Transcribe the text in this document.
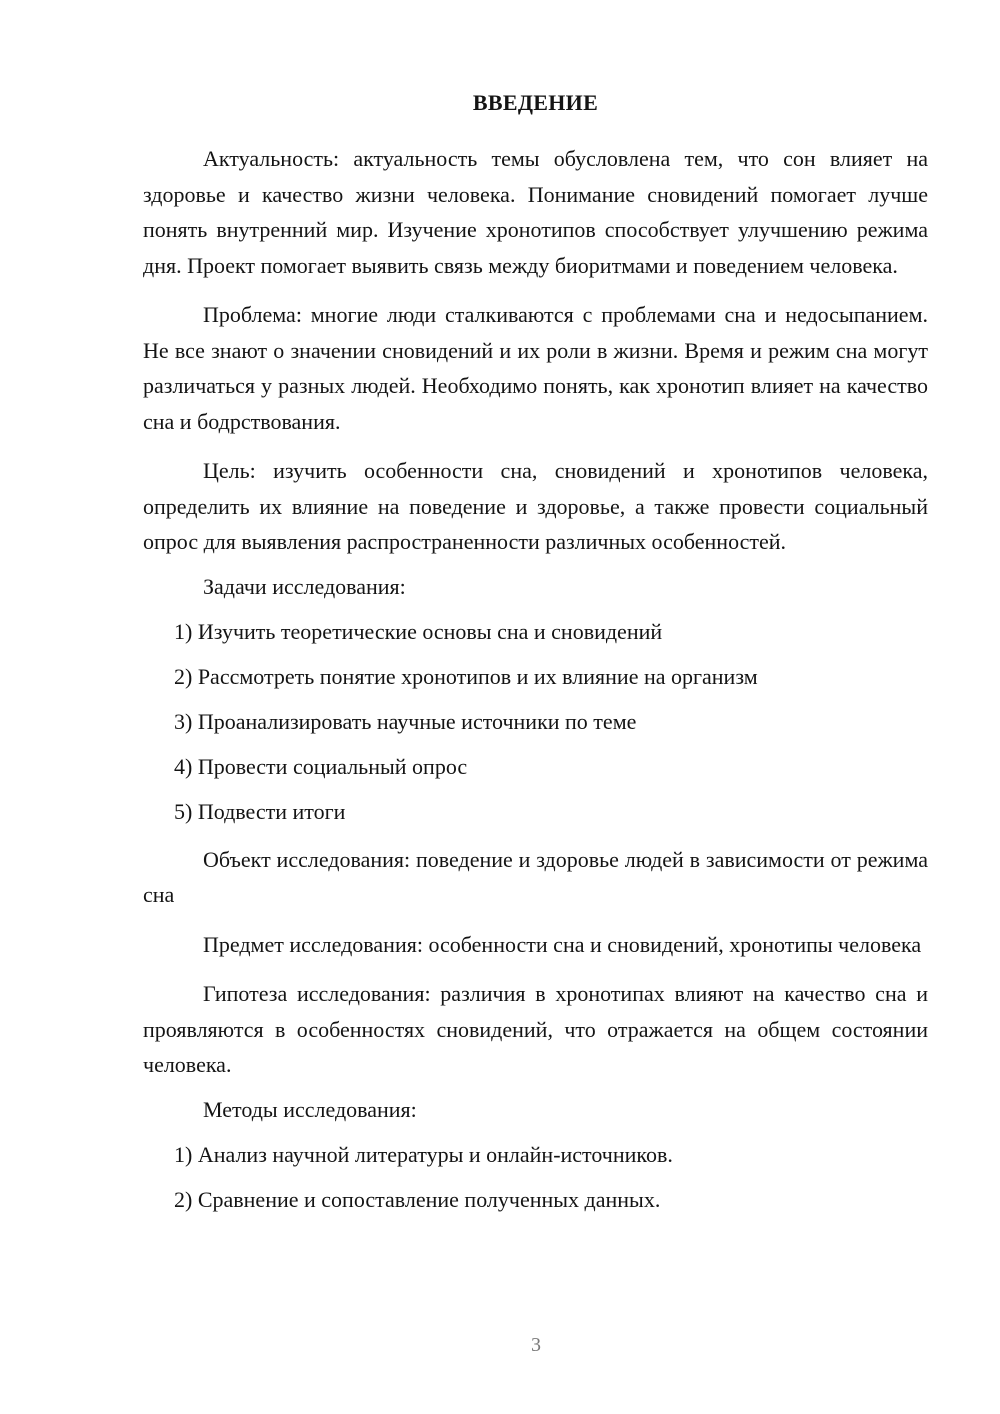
ВВЕДЕНИЕ

Актуальность: актуальность темы обусловлена тем, что сон влияет на здоровье и качество жизни человека. Понимание сновидений помогает лучше понять внутренний мир. Изучение хронотипов способствует улучшению режима дня. Проект помогает выявить связь между биоритмами и поведением человека.

Проблема: многие люди сталкиваются с проблемами сна и недосыпанием. Не все знают о значении сновидений и их роли в жизни. Время и режим сна могут различаться у разных людей. Необходимо понять, как хронотип влияет на качество сна и бодрствования.

Цель: изучить особенности сна, сновидений и хронотипов человека, определить их влияние на поведение и здоровье, а также провести социальный опрос для выявления распространенности различных особенностей.

Задачи исследования:
1) Изучить теоретические основы сна и сновидений
2) Рассмотреть понятие хронотипов и их влияние на организм
3) Проанализировать научные источники по теме
4) Провести социальный опрос
5) Подвести итоги

Объект исследования: поведение и здоровье людей в зависимости от режима сна

Предмет исследования: особенности сна и сновидений, хронотипы человека

Гипотеза исследования: различия в хронотипах влияют на качество сна и проявляются в особенностях сновидений, что отражается на общем состоянии человека.

Методы исследования:
1) Анализ научной литературы и онлайн-источников.
2) Сравнение и сопоставление полученных данных.
3
